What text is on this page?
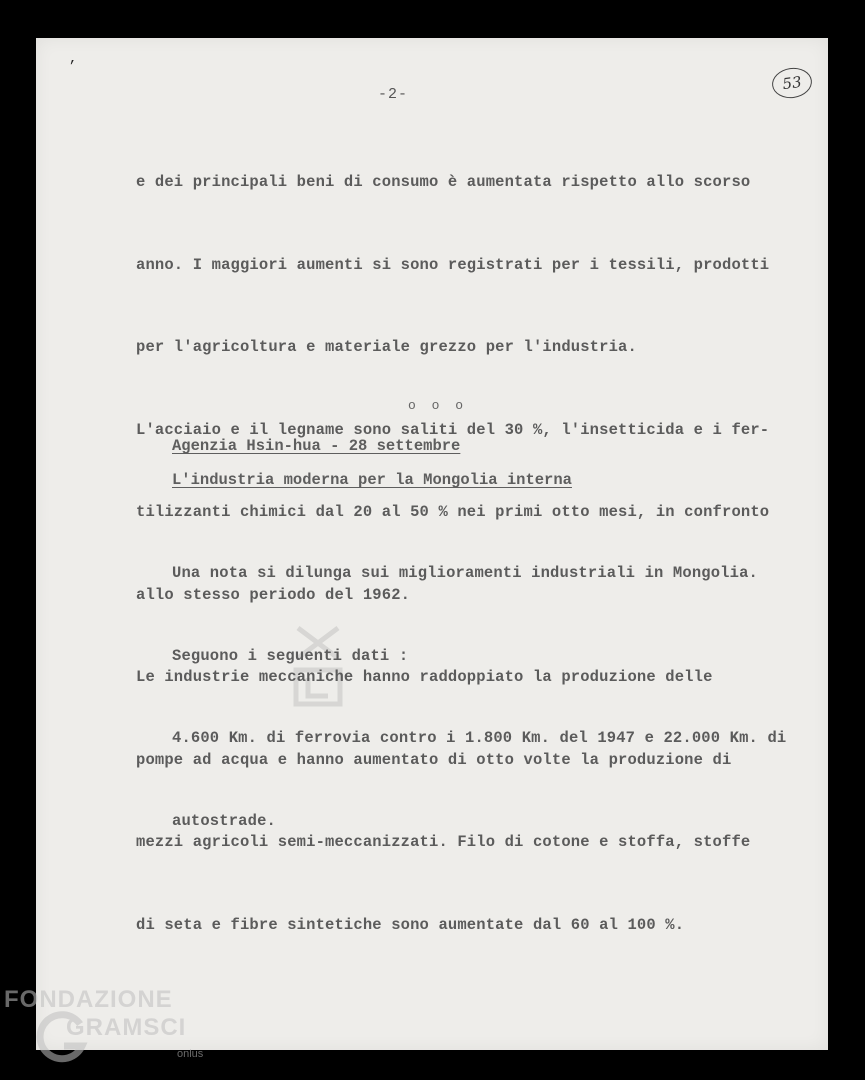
’
-2-
53

e dei principali beni di consumo è aumentata rispetto allo scorso

anno. I maggiori aumenti si sono registrati per i tessili, prodotti

per l'agricoltura e materiale grezzo per l'industria.

L'acciaio e il legname sono saliti del 30 %, l'insetticida e i fer-

tilizzanti chimici dal 20 al 50 % nei primi otto mesi, in confronto

allo stesso periodo del 1962.

Le industrie meccaniche hanno raddoppiato la produzione delle

pompe ad acqua e hanno aumentato di otto volte la produzione di

mezzi agricoli semi-meccanizzati. Filo di cotone e stoffa, stoffe

di seta e fibre sintetiche sono aumentate dal 60 al 100 %.

o o o
Agenzia Hsin-hua - 28 settembre
L'industria moderna per la Mongolia interna

Una nota si dilunga sui miglioramenti industriali in Mongolia.

Seguono i seguenti dati :

4.600 Km. di ferrovia contro i 1.800 Km. del 1947 e 22.000 Km. di

autostrade.

FONDAZIONE
GRAMSCI
onlus
